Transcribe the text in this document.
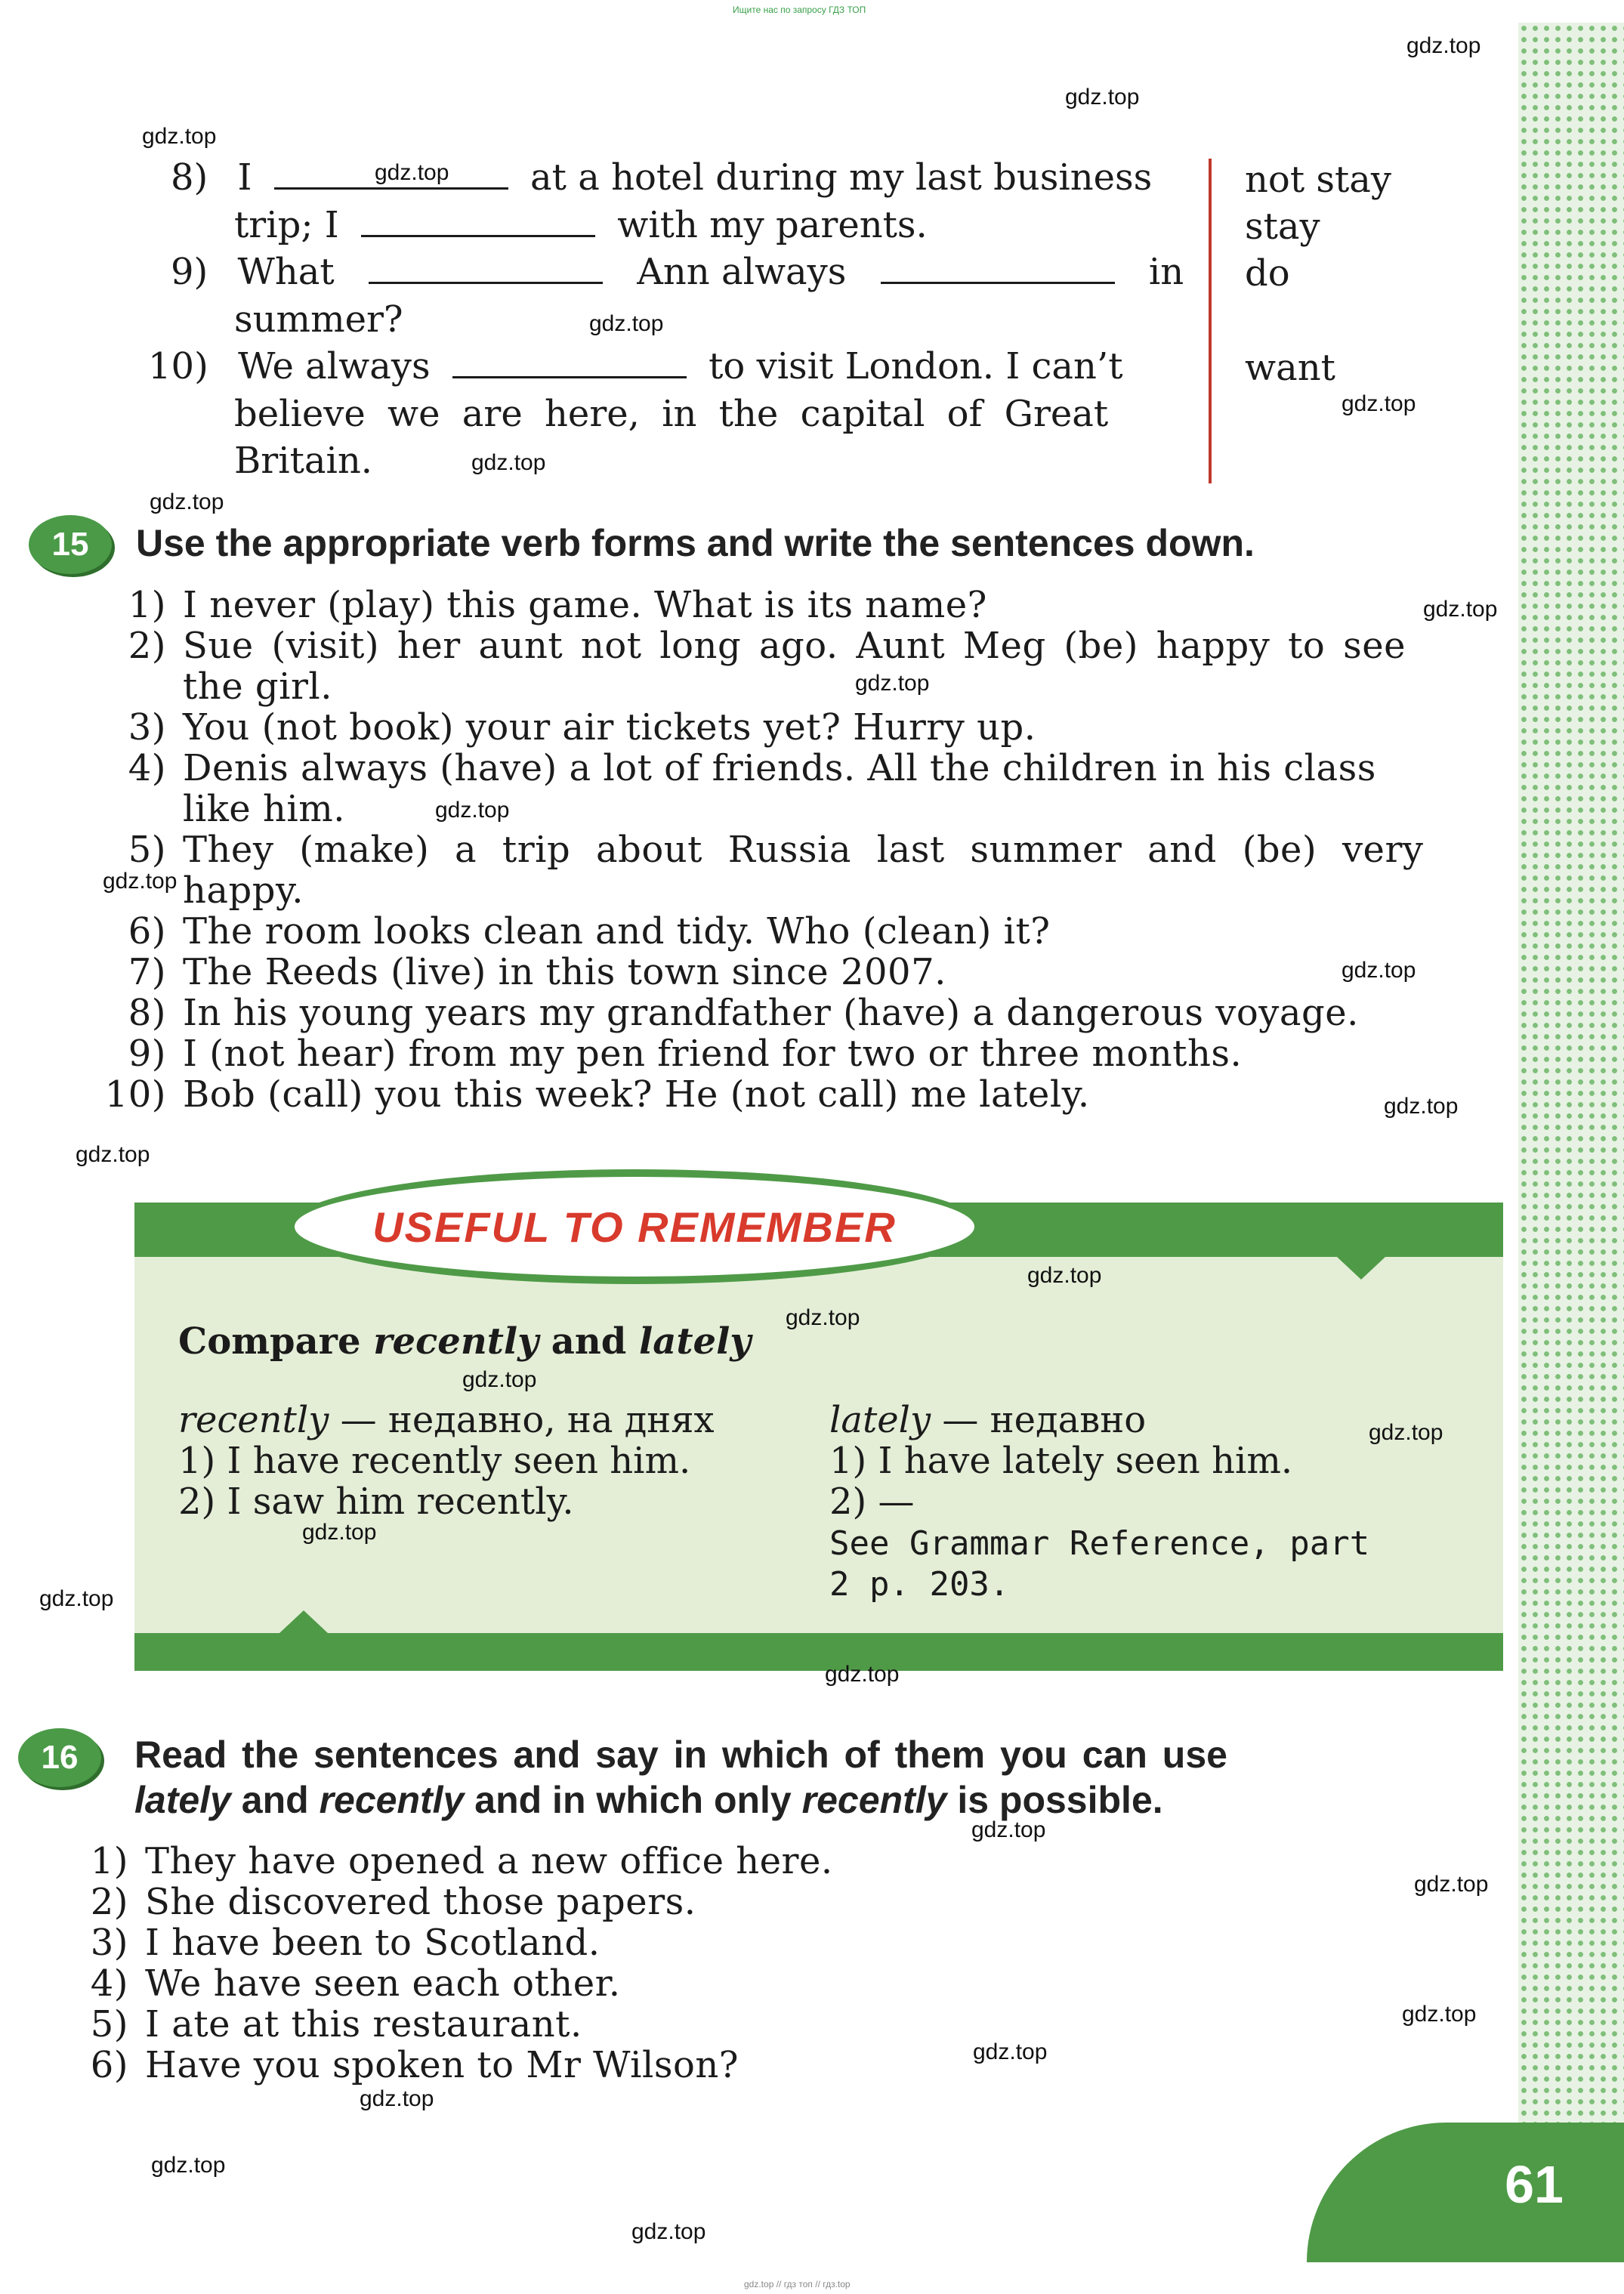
Ищите нас по запросу ГДЗ ТОП
8) I	at a hotel during my last business
trip; I	with my parents.
9) What	Ann always	in
summer?
10) We always	to visit London. I can’t
believe we are here, in the capital of Great
Britain.
not stay
stay
do
want
15	Use the appropriate verb forms and write the sentences down.
1) I never (play) this game. What is its name?
2) Sue (visit) her aunt not long ago. Aunt Meg (be) happy to see
the girl.
3) You (not book) your air tickets yet? Hurry up.
4) Denis always (have) a lot of friends. All the children in his class
like him.
5) They (make) a trip about Russia last summer and (be) very
happy.
6) The room looks clean and tidy. Who (clean) it?
7) The Reeds (live) in this town since 2007.
8) In his young years my grandfather (have) a dangerous voyage.
9) I (not hear) from my pen friend for two or three months.
10) Bob (call) you this week? He (not call) me lately.
USEFUL TO REMEMBER
Compare recently and lately
recently — недавно, на днях
1) I have recently seen him.
2) I saw him recently.
lately — недавно
1) I have lately seen him.
2) —
See Grammar Reference, part
2 p. 203.
16	Read the sentences and say in which of them you can use
lately and recently and in which only recently is possible.
1) They have opened a new office here.
2) She discovered those papers.
3) I have been to Scotland.
4) We have seen each other.
5) I ate at this restaurant.
6) Have you spoken to Mr Wilson?
61
gdz.top
gdz.top
gdz.top
gdz.top
gdz.top
gdz.top
gdz.top
gdz.top
gdz.top
gdz.top
gdz.top
gdz.top
gdz.top
gdz.top
gdz.top
gdz.top
gdz.top
gdz.top
gdz.top
gdz.top
gdz.top
gdz.top
gdz.top
gdz.top
gdz.top
gdz.top
gdz.top
gdz.top
gdz.top
gdz.top // гдз топ // гдз.top
